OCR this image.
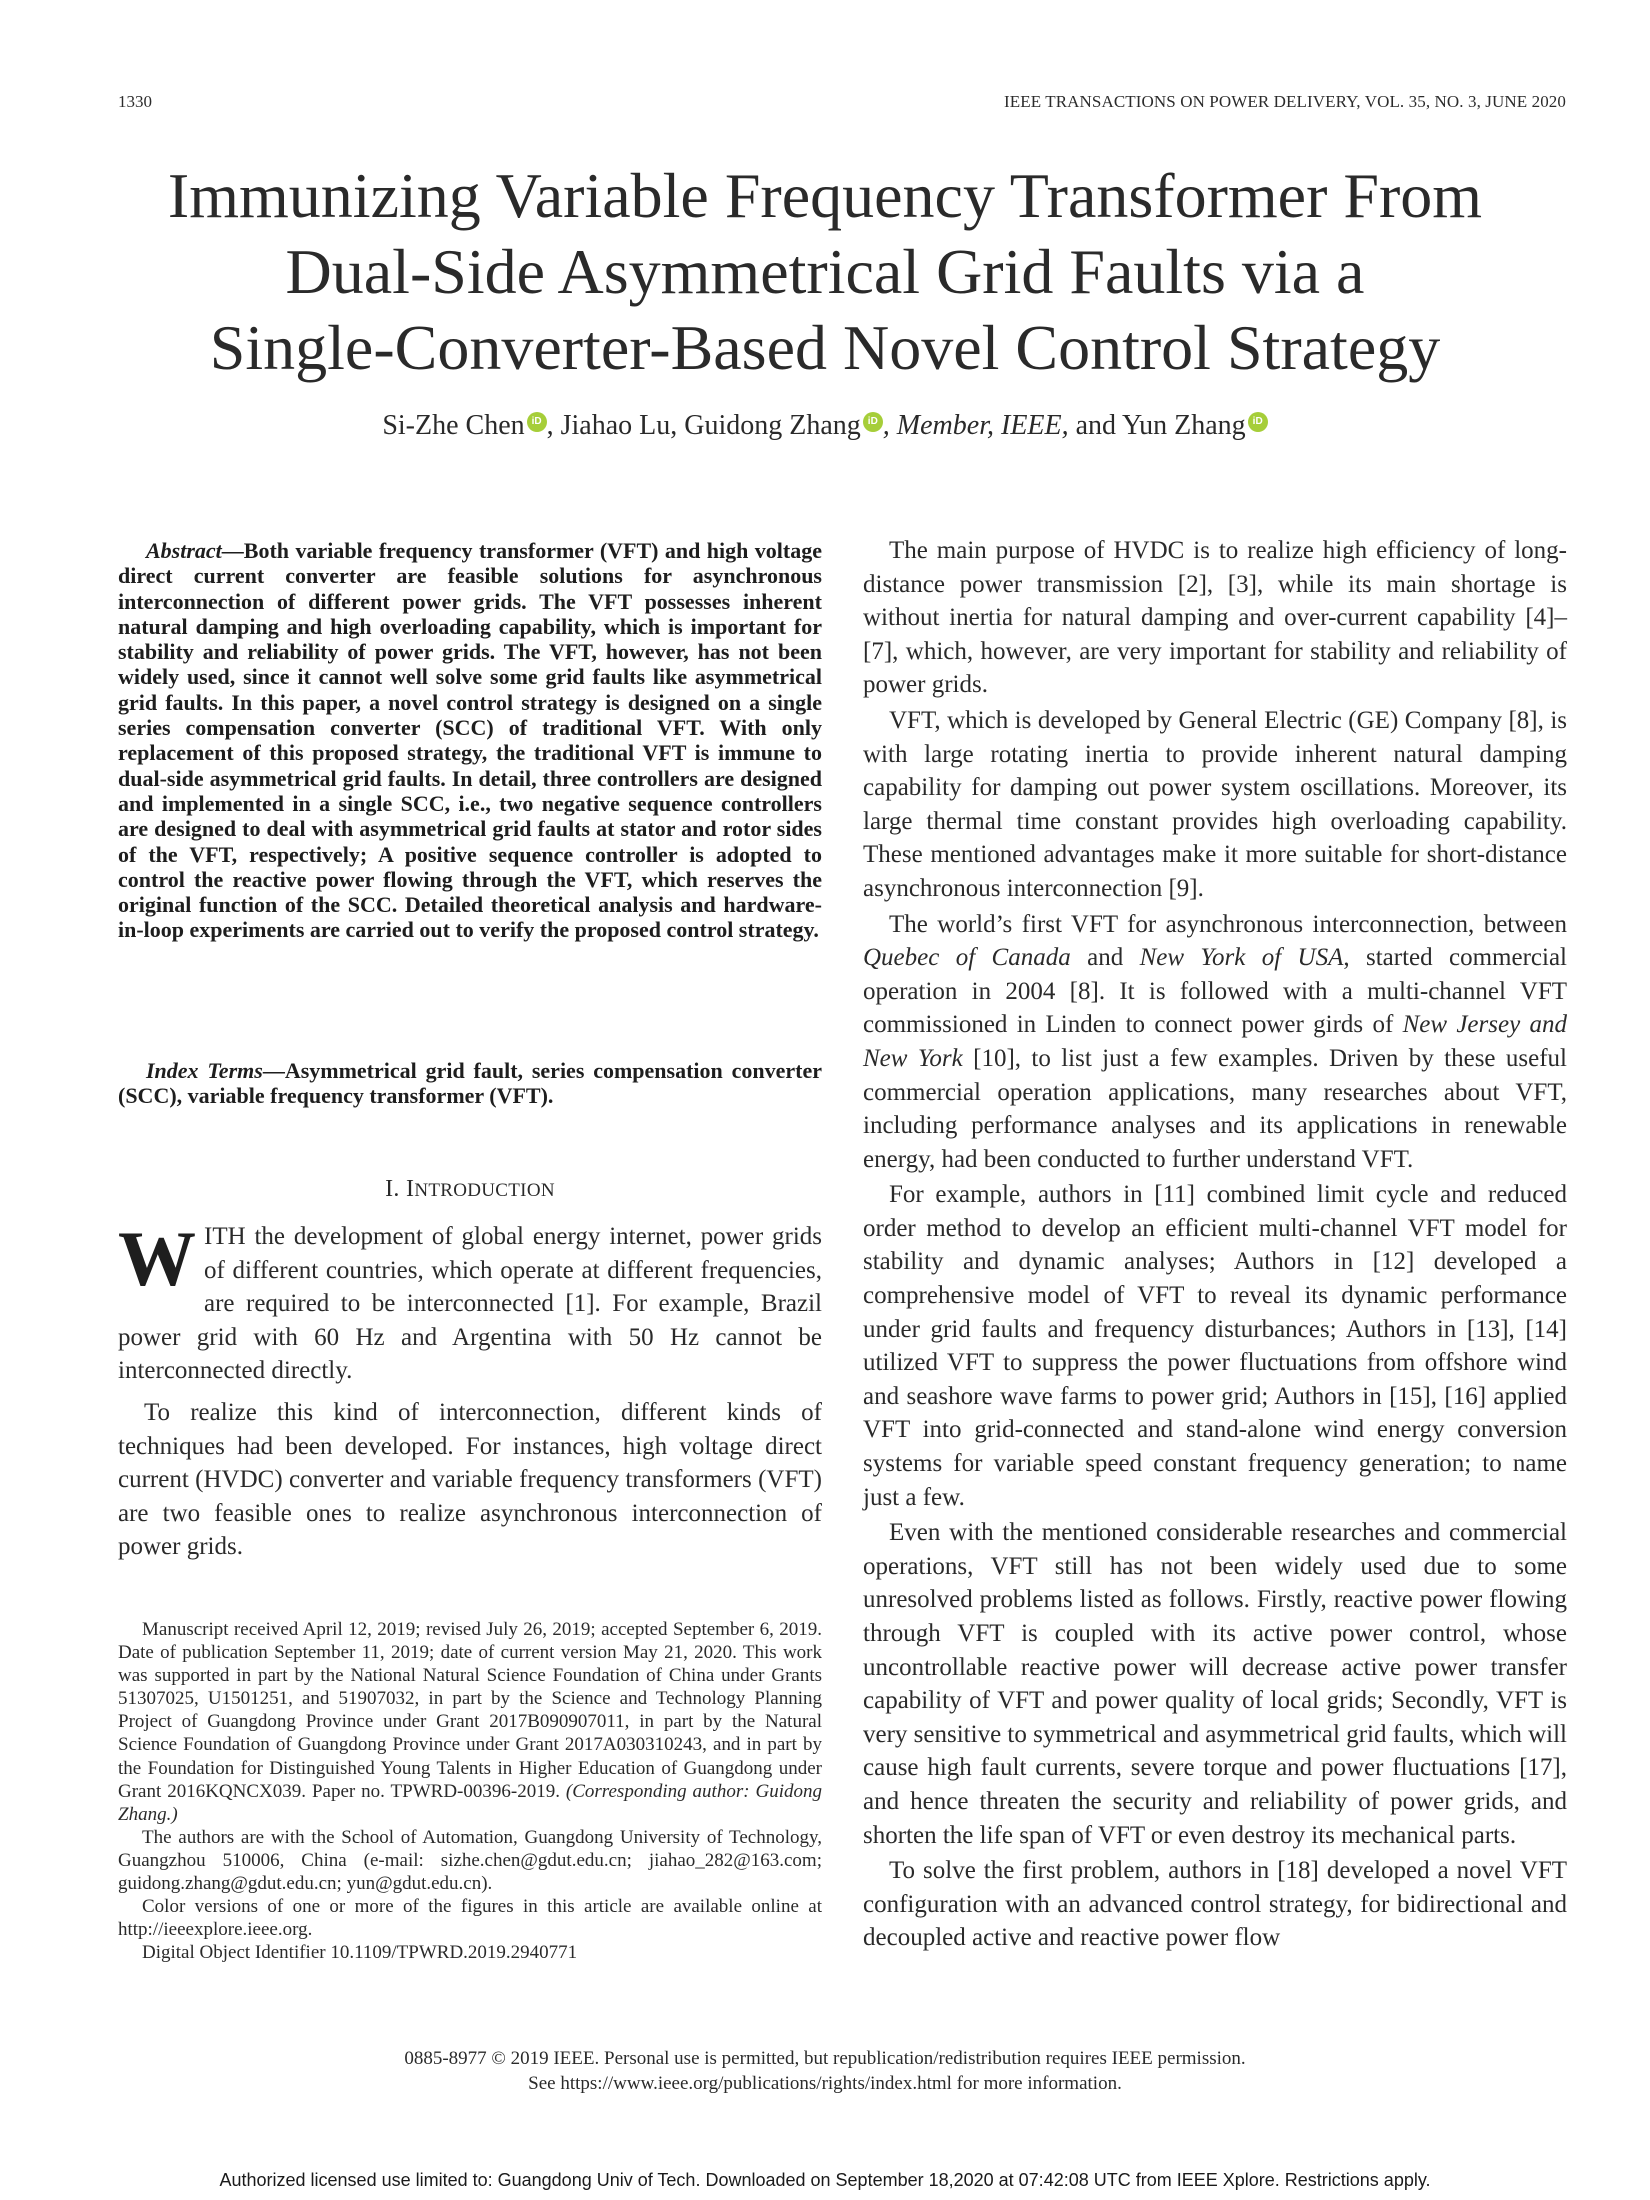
1330	IEEE TRANSACTIONS ON POWER DELIVERY, VOL. 35, NO. 3, JUNE 2020
Immunizing Variable Frequency Transformer From
Dual-Side Asymmetrical Grid Faults via a
Single-Converter-Based Novel Control Strategy
Si-Zhe Chen iD , Jiahao Lu, Guidong Zhang iD , Member, IEEE, and Yun Zhang iD

Abstract—Both variable frequency transformer (VFT) and high voltage direct current converter are feasible solutions for asynchronous interconnection of different power grids. The VFT possesses inherent natural damping and high overloading capability, which is important for stability and reliability of power grids. The VFT, however, has not been widely used, since it cannot well solve some grid faults like asymmetrical grid faults. In this paper, a novel control strategy is designed on a single series compensation converter (SCC) of traditional VFT. With only replacement of this proposed strategy, the traditional VFT is immune to dual-side asymmetrical grid faults. In detail, three controllers are designed and implemented in a single SCC, i.e., two negative sequence controllers are designed to deal with asymmetrical grid faults at stator and rotor sides of the VFT, respectively; A positive sequence controller is adopted to control the reactive power flowing through the VFT, which reserves the original function of the SCC. Detailed theoretical analysis and hardware-in-loop experiments are carried out to verify the proposed control strategy.

Index Terms—Asymmetrical grid fault, series compensation converter (SCC), variable frequency transformer (VFT).

I. INTRODUCTION

WITH the development of global energy internet, power grids of different countries, which operate at different frequencies, are required to be interconnected [1]. For example, Brazil power grid with 60 Hz and Argentina with 50 Hz cannot be interconnected directly.

To realize this kind of interconnection, different kinds of techniques had been developed. For instances, high voltage direct current (HVDC) converter and variable frequency transformers (VFT) are two feasible ones to realize asynchronous interconnection of power grids.

Manuscript received April 12, 2019; revised July 26, 2019; accepted September 6, 2019. Date of publication September 11, 2019; date of current version May 21, 2020. This work was supported in part by the National Natural Science Foundation of China under Grants 51307025, U1501251, and 51907032, in part by the Science and Technology Planning Project of Guangdong Province under Grant 2017B090907011, in part by the Natural Science Foundation of Guangdong Province under Grant 2017A030310243, and in part by the Foundation for Distinguished Young Talents in Higher Education of Guangdong under Grant 2016KQNCX039. Paper no. TPWRD-00396-2019. (Corresponding author: Guidong Zhang.)

The authors are with the School of Automation, Guangdong University of Technology, Guangzhou 510006, China (e-mail: sizhe.chen@gdut.edu.cn; jiahao_282@163.com; guidong.zhang@gdut.edu.cn; yun@gdut.edu.cn).

Color versions of one or more of the figures in this article are available online at http://ieeexplore.ieee.org.

Digital Object Identifier 10.1109/TPWRD.2019.2940771

The main purpose of HVDC is to realize high efficiency of long-distance power transmission [2], [3], while its main shortage is without inertia for natural damping and over-current capability [4]–[7], which, however, are very important for stability and reliability of power grids.

VFT, which is developed by General Electric (GE) Company [8], is with large rotating inertia to provide inherent natural damping capability for damping out power system oscillations. Moreover, its large thermal time constant provides high overloading capability. These mentioned advantages make it more suitable for short-distance asynchronous interconnection [9].

The world’s first VFT for asynchronous interconnection, between Quebec of Canada and New York of USA, started commercial operation in 2004 [8]. It is followed with a multi-channel VFT commissioned in Linden to connect power girds of New Jersey and New York [10], to list just a few examples. Driven by these useful commercial operation applications, many researches about VFT, including performance analyses and its applications in renewable energy, had been conducted to further understand VFT.

For example, authors in [11] combined limit cycle and reduced order method to develop an efficient multi-channel VFT model for stability and dynamic analyses; Authors in [12] developed a comprehensive model of VFT to reveal its dynamic performance under grid faults and frequency disturbances; Authors in [13], [14] utilized VFT to suppress the power fluctuations from offshore wind and seashore wave farms to power grid; Authors in [15], [16] applied VFT into grid-connected and stand-alone wind energy conversion systems for variable speed constant frequency generation; to name just a few.

Even with the mentioned considerable researches and commercial operations, VFT still has not been widely used due to some unresolved problems listed as follows. Firstly, reactive power flowing through VFT is coupled with its active power control, whose uncontrollable reactive power will decrease active power transfer capability of VFT and power quality of local grids; Secondly, VFT is very sensitive to symmetrical and asymmetrical grid faults, which will cause high fault currents, severe torque and power fluctuations [17], and hence threaten the security and reliability of power grids, and shorten the life span of VFT or even destroy its mechanical parts.

To solve the first problem, authors in [18] developed a novel VFT configuration with an advanced control strategy, for bidirectional and decoupled active and reactive power flow

0885-8977 © 2019 IEEE. Personal use is permitted, but republication/redistribution requires IEEE permission.
See https://www.ieee.org/publications/rights/index.html for more information.
Authorized licensed use limited to: Guangdong Univ of Tech. Downloaded on September 18,2020 at 07:42:08 UTC from IEEE Xplore. Restrictions apply.
